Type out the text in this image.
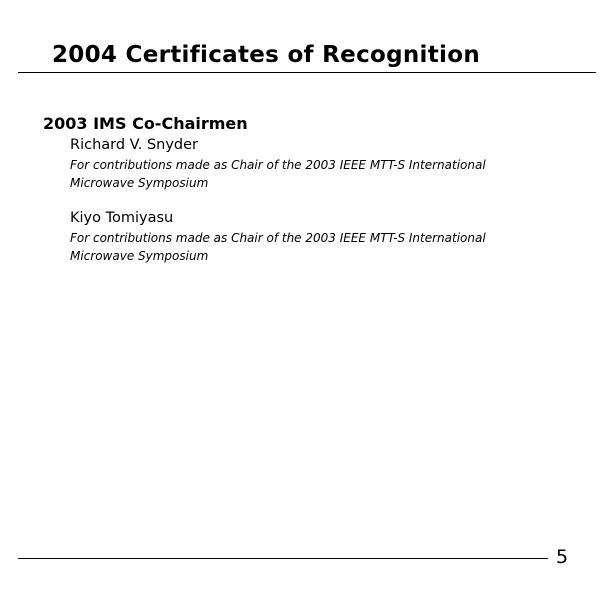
2004 Certificates of Recognition
2003 IMS Co-Chairmen
Richard V. Snyder
For contributions made as Chair of the 2003 IEEE MTT-S International Microwave Symposium
Kiyo Tomiyasu
For contributions made as Chair of the 2003 IEEE MTT-S International Microwave Symposium
5
